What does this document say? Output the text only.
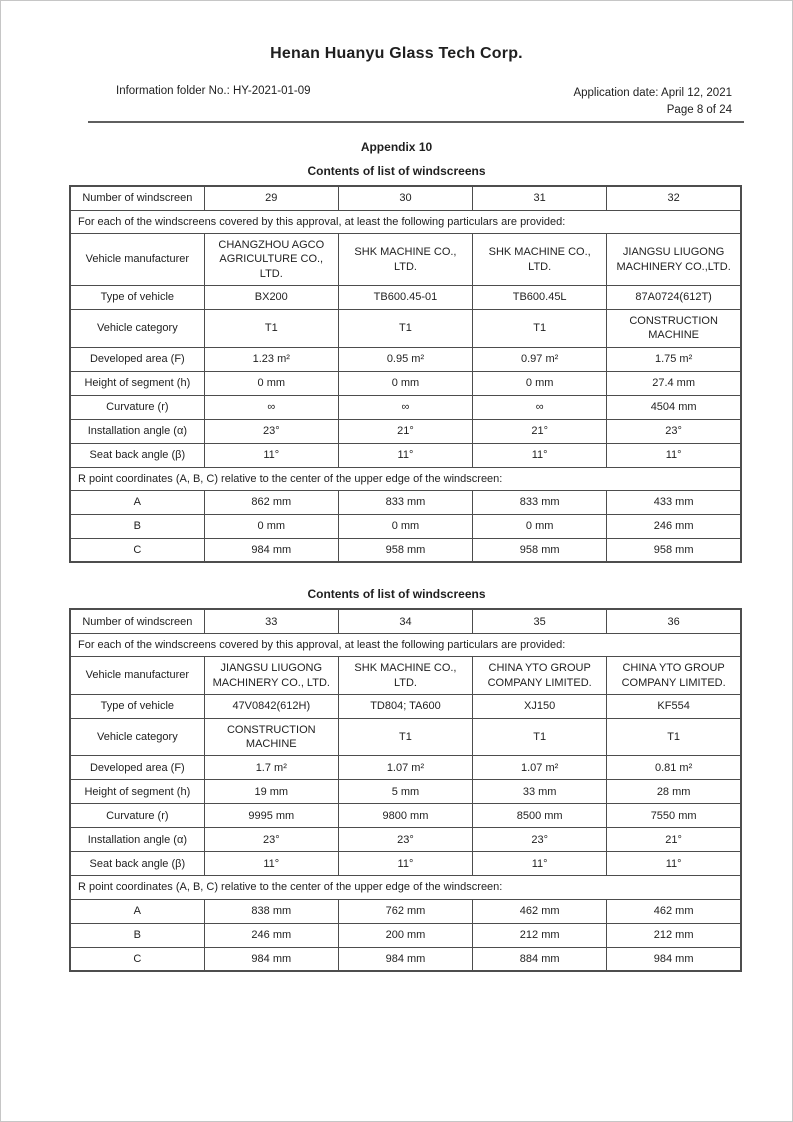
Henan Huanyu Glass Tech Corp.
Information folder No.: HY-2021-01-09	Application date: April 12, 2021
Page 8 of 24
Appendix 10
Contents of list of windscreens
Number of windscreen	29	30	31	32
For each of the windscreens covered by this approval, at least the following particulars are provided:				
Vehicle manufacturer	CHANGZHOU AGCO AGRICULTURE CO., LTD.	SHK MACHINE CO., LTD.	SHK MACHINE CO., LTD.	JIANGSU LIUGONG MACHINERY CO.,LTD.
Type of vehicle	BX200	TB600.45-01	TB600.45L	87A0724(612T)
Vehicle category	T1	T1	T1	CONSTRUCTION MACHINE
Developed area (F)	1.23 m²	0.95 m²	0.97 m²	1.75 m²
Height of segment (h)	0 mm	0 mm	0 mm	27.4 mm
Curvature (r)	∞	∞	∞	4504 mm
Installation angle (α)	23°	21°	21°	23°
Seat back angle (β)	11°	11°	11°	11°
R point coordinates (A, B, C) relative to the center of the upper edge of the windscreen:				
A	862 mm	833 mm	833 mm	433 mm
B	0 mm	0 mm	0 mm	246 mm
C	984 mm	958 mm	958 mm	958 mm
Contents of list of windscreens
Number of windscreen	33	34	35	36
For each of the windscreens covered by this approval, at least the following particulars are provided:				
Vehicle manufacturer	JIANGSU LIUGONG MACHINERY CO., LTD.	SHK MACHINE CO., LTD.	CHINA YTO GROUP COMPANY LIMITED.	CHINA YTO GROUP COMPANY LIMITED.
Type of vehicle	47V0842(612H)	TD804; TA600	XJ150	KF554
Vehicle category	CONSTRUCTION MACHINE	T1	T1	T1
Developed area (F)	1.7 m²	1.07 m²	1.07 m²	0.81 m²
Height of segment (h)	19 mm	5 mm	33 mm	28 mm
Curvature (r)	9995 mm	9800 mm	8500 mm	7550 mm
Installation angle (α)	23°	23°	23°	21°
Seat back angle (β)	11°	11°	11°	11°
R point coordinates (A, B, C) relative to the center of the upper edge of the windscreen:				
A	838 mm	762 mm	462 mm	462 mm
B	246 mm	200 mm	212 mm	212 mm
C	984 mm	984 mm	884 mm	984 mm
